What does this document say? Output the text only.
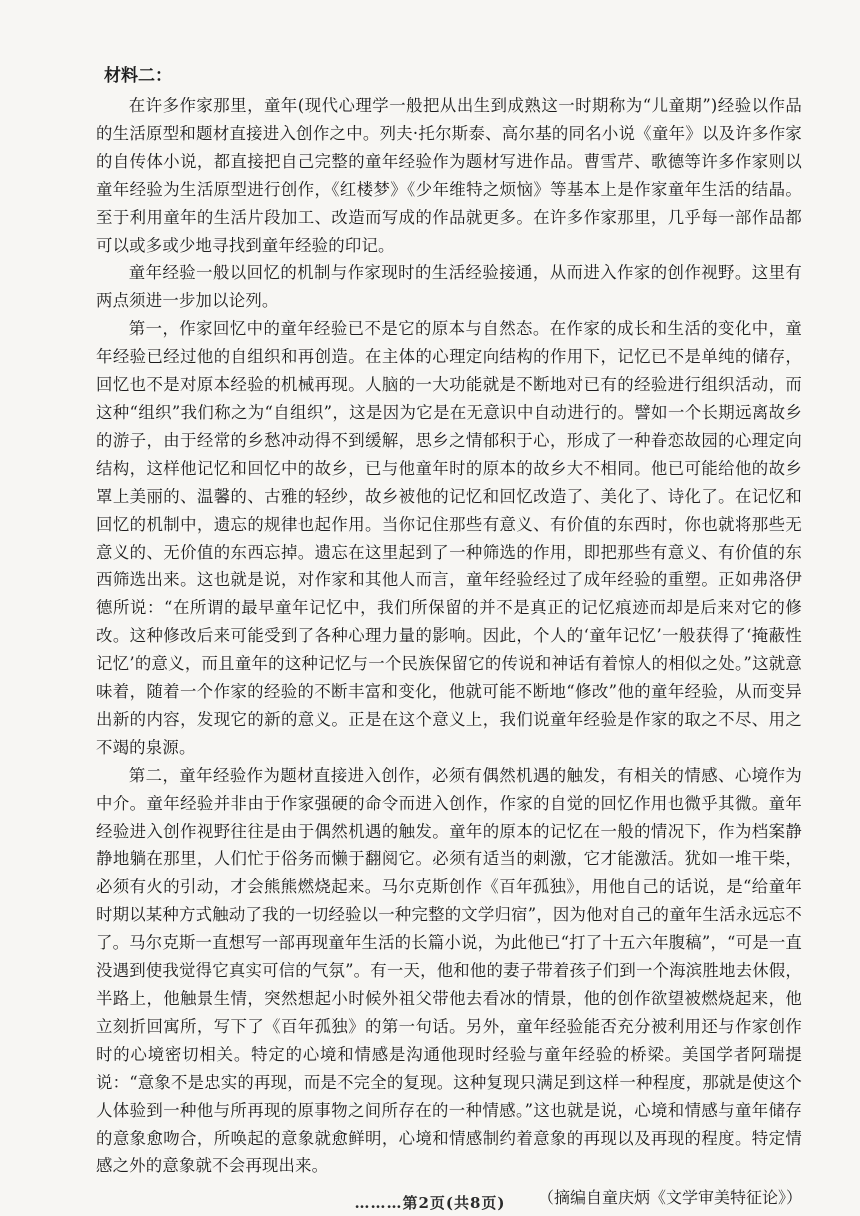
材料二：

在许多作家那里，童年(现代心理学一般把从出生到成熟这一时期称为“儿童期”)经验以作品的生活原型和题材直接进入创作之中。列夫·托尔斯泰、高尔基的同名小说《童年》以及许多作家的自传体小说，都直接把自己完整的童年经验作为题材写进作品。曹雪芹、歌德等许多作家则以童年经验为生活原型进行创作，《红楼梦》《少年维特之烦恼》等基本上是作家童年生活的结晶。至于利用童年的生活片段加工、改造而写成的作品就更多。在许多作家那里，几乎每一部作品都可以或多或少地寻找到童年经验的印记。

童年经验一般以回忆的机制与作家现时的生活经验接通，从而进入作家的创作视野。这里有两点须进一步加以论列。

第一，作家回忆中的童年经验已不是它的原本与自然态。在作家的成长和生活的变化中，童年经验已经过他的自组织和再创造。在主体的心理定向结构的作用下，记忆已不是单纯的储存，回忆也不是对原本经验的机械再现。人脑的一大功能就是不断地对已有的经验进行组织活动，而这种“组织”我们称之为“自组织”，这是因为它是在无意识中自动进行的。譬如一个长期远离故乡的游子，由于经常的乡愁冲动得不到缓解，思乡之情郁积于心，形成了一种眷恋故园的心理定向结构，这样他记忆和回忆中的故乡，已与他童年时的原本的故乡大不相同。他已可能给他的故乡罩上美丽的、温馨的、古雅的轻纱，故乡被他的记忆和回忆改造了、美化了、诗化了。在记忆和回忆的机制中，遗忘的规律也起作用。当你记住那些有意义、有价值的东西时，你也就将那些无意义的、无价值的东西忘掉。遗忘在这里起到了一种筛选的作用，即把那些有意义、有价值的东西筛选出来。这也就是说，对作家和其他人而言，童年经验经过了成年经验的重塑。正如弗洛伊德所说：“在所谓的最早童年记忆中，我们所保留的并不是真正的记忆痕迹而却是后来对它的修改。这种修改后来可能受到了各种心理力量的影响。因此，个人的‘童年记忆’一般获得了‘掩蔽性记忆’的意义，而且童年的这种记忆与一个民族保留它的传说和神话有着惊人的相似之处。”这就意味着，随着一个作家的经验的不断丰富和变化，他就可能不断地“修改”他的童年经验，从而变异出新的内容，发现它的新的意义。正是在这个意义上，我们说童年经验是作家的取之不尽、用之不竭的泉源。

第二，童年经验作为题材直接进入创作，必须有偶然机遇的触发，有相关的情感、心境作为中介。童年经验并非由于作家强硬的命令而进入创作，作家的自觉的回忆作用也微乎其微。童年经验进入创作视野往往是由于偶然机遇的触发。童年的原本的记忆在一般的情况下，作为档案静静地躺在那里，人们忙于俗务而懒于翻阅它。必须有适当的刺激，它才能激活。犹如一堆干柴，必须有火的引动，才会熊熊燃烧起来。马尔克斯创作《百年孤独》，用他自己的话说，是“给童年时期以某种方式触动了我的一切经验以一种完整的文学归宿”，因为他对自己的童年生活永远忘不了。马尔克斯一直想写一部再现童年生活的长篇小说，为此他已“打了十五六年腹稿”，“可是一直没遇到使我觉得它真实可信的气氛”。有一天，他和他的妻子带着孩子们到一个海滨胜地去休假，半路上，他触景生情，突然想起小时候外祖父带他去看冰的情景，他的创作欲望被燃烧起来，他立刻折回寓所，写下了《百年孤独》的第一句话。另外，童年经验能否充分被利用还与作家创作时的心境密切相关。特定的心境和情感是沟通他现时经验与童年经验的桥梁。美国学者阿瑞提说：“意象不是忠实的再现，而是不完全的复现。这种复现只满足到这样一种程度，那就是使这个人体验到一种他与所再现的原事物之间所存在的一种情感。”这也就是说，心境和情感与童年储存的意象愈吻合，所唤起的意象就愈鲜明，心境和情感制约着意象的再现以及再现的程度。特定情感之外的意象就不会再现出来。

（摘编自童庆炳《文学审美特征论》）
………第2页(共8页)
